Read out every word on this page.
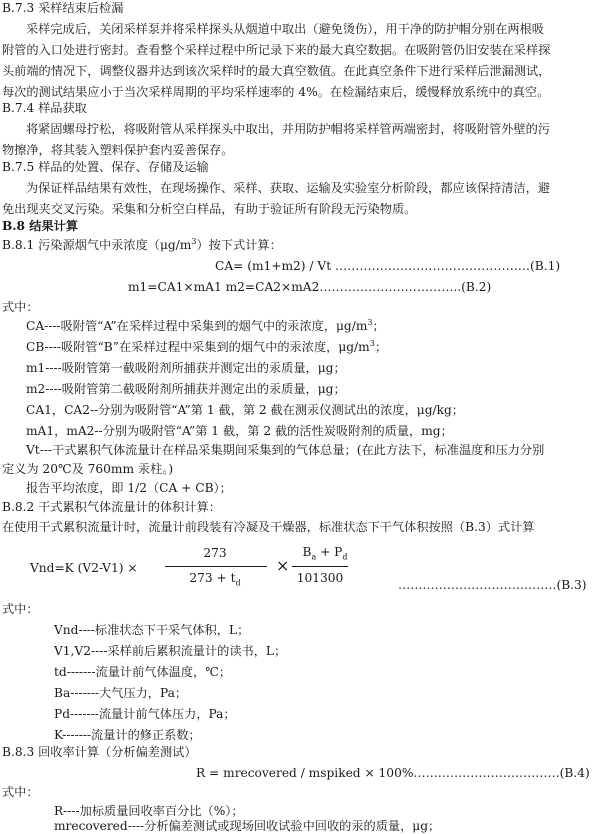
B.7.3 采样结束后检漏
采样完成后，关闭采样泵并将采样探头从烟道中取出（避免烫伤），用干净的防护帽分别在两根吸
附管的入口处进行密封。查看整个采样过程中所记录下来的最大真空数据。在吸附管仍旧安装在采样探
头前端的情况下，调整仪器并达到该次采样时的最大真空数值。在此真空条件下进行采样后泄漏测试，
每次的测试结果应小于当次采样周期的平均采样速率的 4%。在检漏结束后，缓慢释放系统中的真空。
B.7.4 样品获取
将紧固螺母拧松，将吸附管从采样探头中取出，并用防护帽将采样管两端密封，将吸附管外壁的污
物擦净，将其装入塑料保护套内妥善保存。
B.7.5 样品的处置、保存、存储及运输
为保证样品结果有效性，在现场操作、采样、获取、运输及实验室分析阶段，都应该保持清洁，避
免出现夹交叉污染。采集和分析空白样品，有助于验证所有阶段无污染物质。
B.8 结果计算
B.8.1 污染源烟气中汞浓度$(\mu g/m^3)$按下式计算：
CA= (m1+m2) / Vt …………………………………………(B.1)
m1=CA1×mA1 m2=CA2×mA2……………………………..(B.2)
式中：
CA----吸附管“A”在采样过程中采集到的烟气中的汞浓度，$\mu g/m^3$；
CB----吸附管“B”在采样过程中采集到的烟气中的汞浓度，$\mu g/m^3$；
m1----吸附管第一截吸附剂所捕获并测定出的汞质量，μg；
m2----吸附管第二截吸附剂所捕获并测定出的汞质量，μg；
CA1，CA2--分别为吸附管“A”第 1 截，第 2 截在测汞仪测试出的浓度，μg/kg；
mA1，mA2--分别为吸附管“A”第 1 截，第 2 截的活性炭吸附剂的质量，mg；
Vt---干式累积气体流量计在样品采集期间采集到的气体总量；(在此方法下，标准温度和压力分别
定义为 20℃及 760mm 汞柱。)
报告平均浓度，即 1/2（CA + CB）；
B.8.2 干式累积气体流量计的体积计算：
在使用干式累积流量计时，流量计前段装有冷凝及干燥器，标准状态下干气体积按照（B.3）式计算
Vnd=K (V2-V1) ×
273
$273 + t_d$
×
$B_a + P_d$
101300	…………………………………(B.3)
式中：
Vnd----标准状态下干采气体积，L；
V1,V2----采样前后累积流量计的读书，L；
td-------流量计前气体温度，℃；
Ba-------大气压力，Pa；
Pd-------流量计前气体压力，Pa；
K-------流量计的修正系数；
B.8.3 回收率计算（分析偏差测试）
R = mrecovered / mspiked × 100%………………………………(B.4)
式中：
R----加标质量回收率百分比（%）；
mrecovered----分析偏差测试或现场回收试验中回收的汞的质量，μg；
